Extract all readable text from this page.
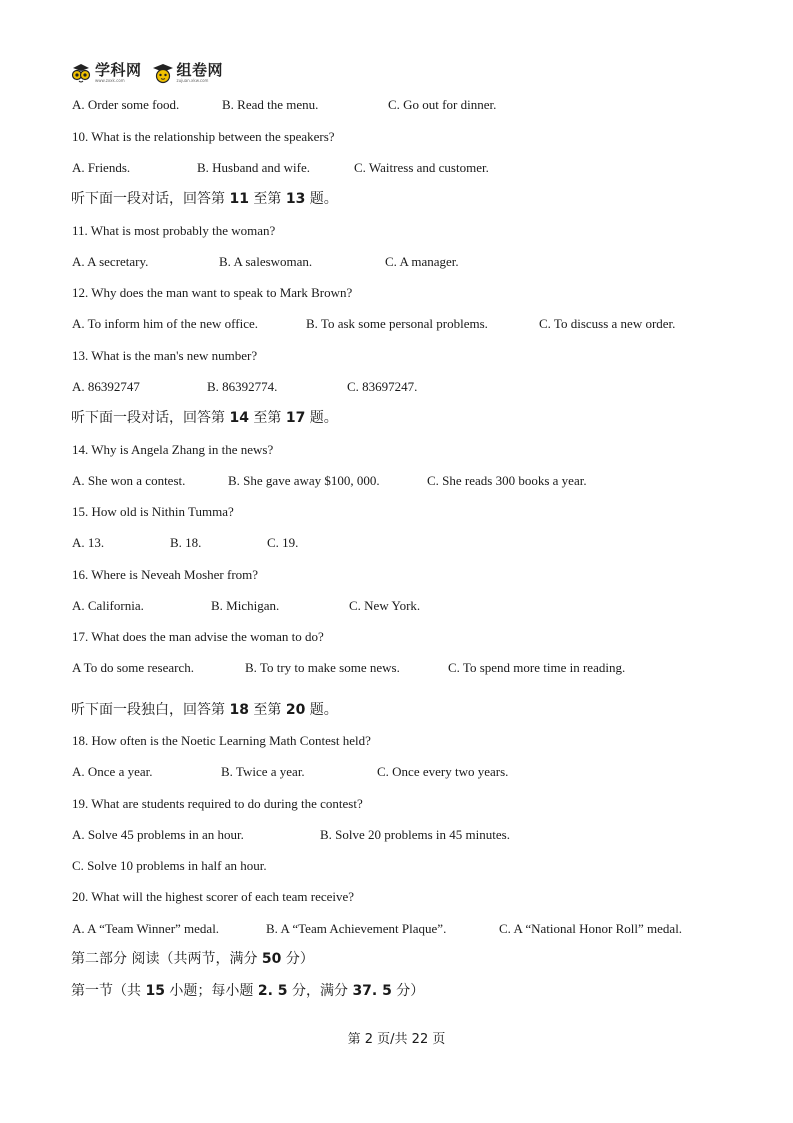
学科网
www.zxxk.com
组卷网
zujuan.xkw.com
A. Order some food.	B. Read the menu.	C. Go out for dinner.
10. What is the relationship between the speakers?
A. Friends.	B. Husband and wife.	C. Waitress and customer.
听下面一段对话，回答第 11 至第 13 题。
11. What is most probably the woman?
A. A secretary.	B. A saleswoman.	C. A manager.
12. Why does the man want to speak to Mark Brown?
A. To inform him of the new office.	B. To ask some personal problems.	C. To discuss a new order.
13. What is the man's new number?
A. 86392747	B. 86392774.	C. 83697247.
听下面一段对话，回答第 14 至第 17 题。
14. Why is Angela Zhang in the news?
A. She won a contest.	B. She gave away $100, 000.	C. She reads 300 books a year.
15. How old is Nithin Tumma?
A. 13.	B. 18.	C. 19.
16. Where is Neveah Mosher from?
A. California.	B. Michigan.	C. New York.
17. What does the man advise the woman to do?
A To do some research.	B. To try to make some news.	C. To spend more time in reading.
听下面一段独白，回答第 18 至第 20 题。
18. How often is the Noetic Learning Math Contest held?
A. Once a year.	B. Twice a year.	C. Once every two years.
19. What are students required to do during the contest?
A. Solve 45 problems in an hour.	B. Solve 20 problems in 45 minutes.
C. Solve 10 problems in half an hour.
20. What will the highest scorer of each team receive?
A. A “Team Winner” medal.	B. A “Team Achievement Plaque”.	C. A “National Honor Roll” medal.
第二部分 阅读（共两节，满分 50 分）
第一节（共 15 小题；每小题 2. 5 分，满分 37. 5 分）
第 2 页/共 22 页
